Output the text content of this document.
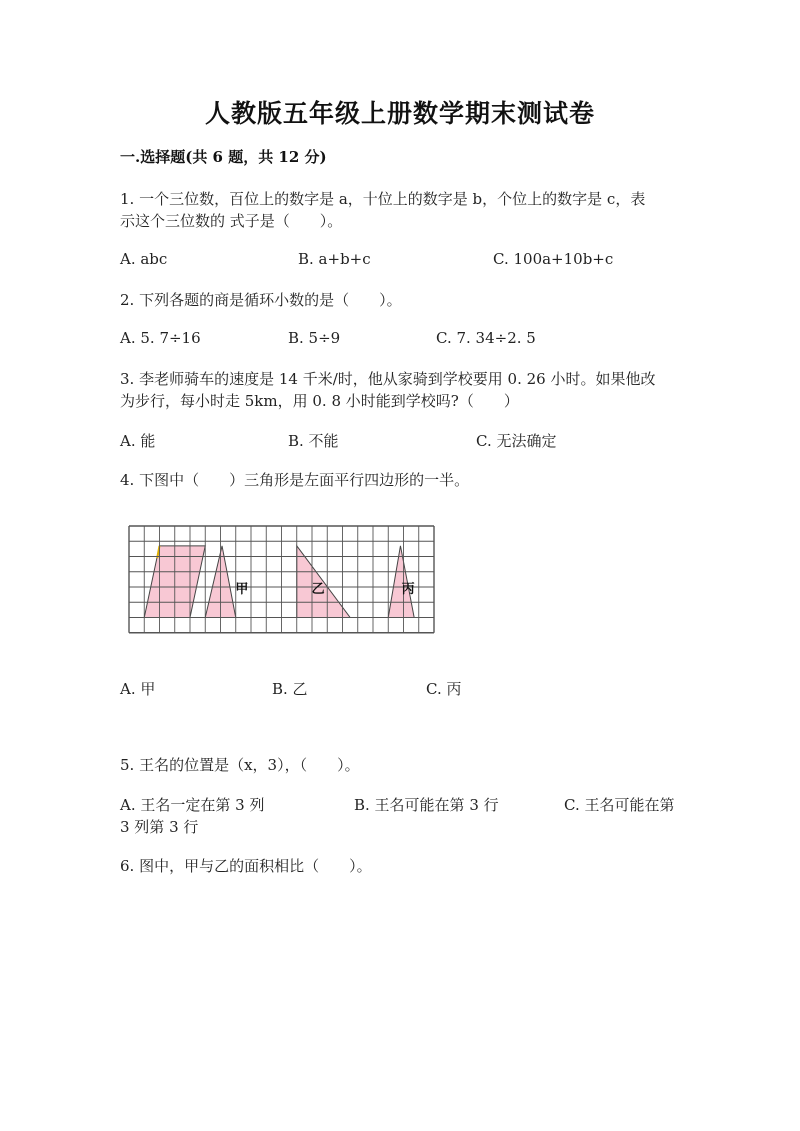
人教版五年级上册数学期末测试卷
一.选择题(共 6 题，共 12 分)
1. 一个三位数，百位上的数字是 a，十位上的数字是 b，个位上的数字是 c，表
示这个三位数的 式子是（　　）。
A. abc	B. a+b+c	C. 100a+10b+c
2. 下列各题的商是循环小数的是（　　）。
A. 5. 7÷16	B. 5÷9	C. 7. 34÷2. 5
3. 李老师骑车的速度是 14 千米/时，他从家骑到学校要用 0. 26 小时。如果他改
为步行，每小时走 5km，用 0. 8 小时能到学校吗?（　　）
A. 能	B. 不能	C. 无法确定
4. 下图中（　　）三角形是左面平行四边形的一半。
甲	乙	丙
A. 甲	B. 乙	C. 丙
5. 王名的位置是（x，3），（　　）。
A. 王名一定在第 3 列	B. 王名可能在第 3 行	C. 王名可能在第
3 列第 3 行
6. 图中，甲与乙的面积相比（　　）。
